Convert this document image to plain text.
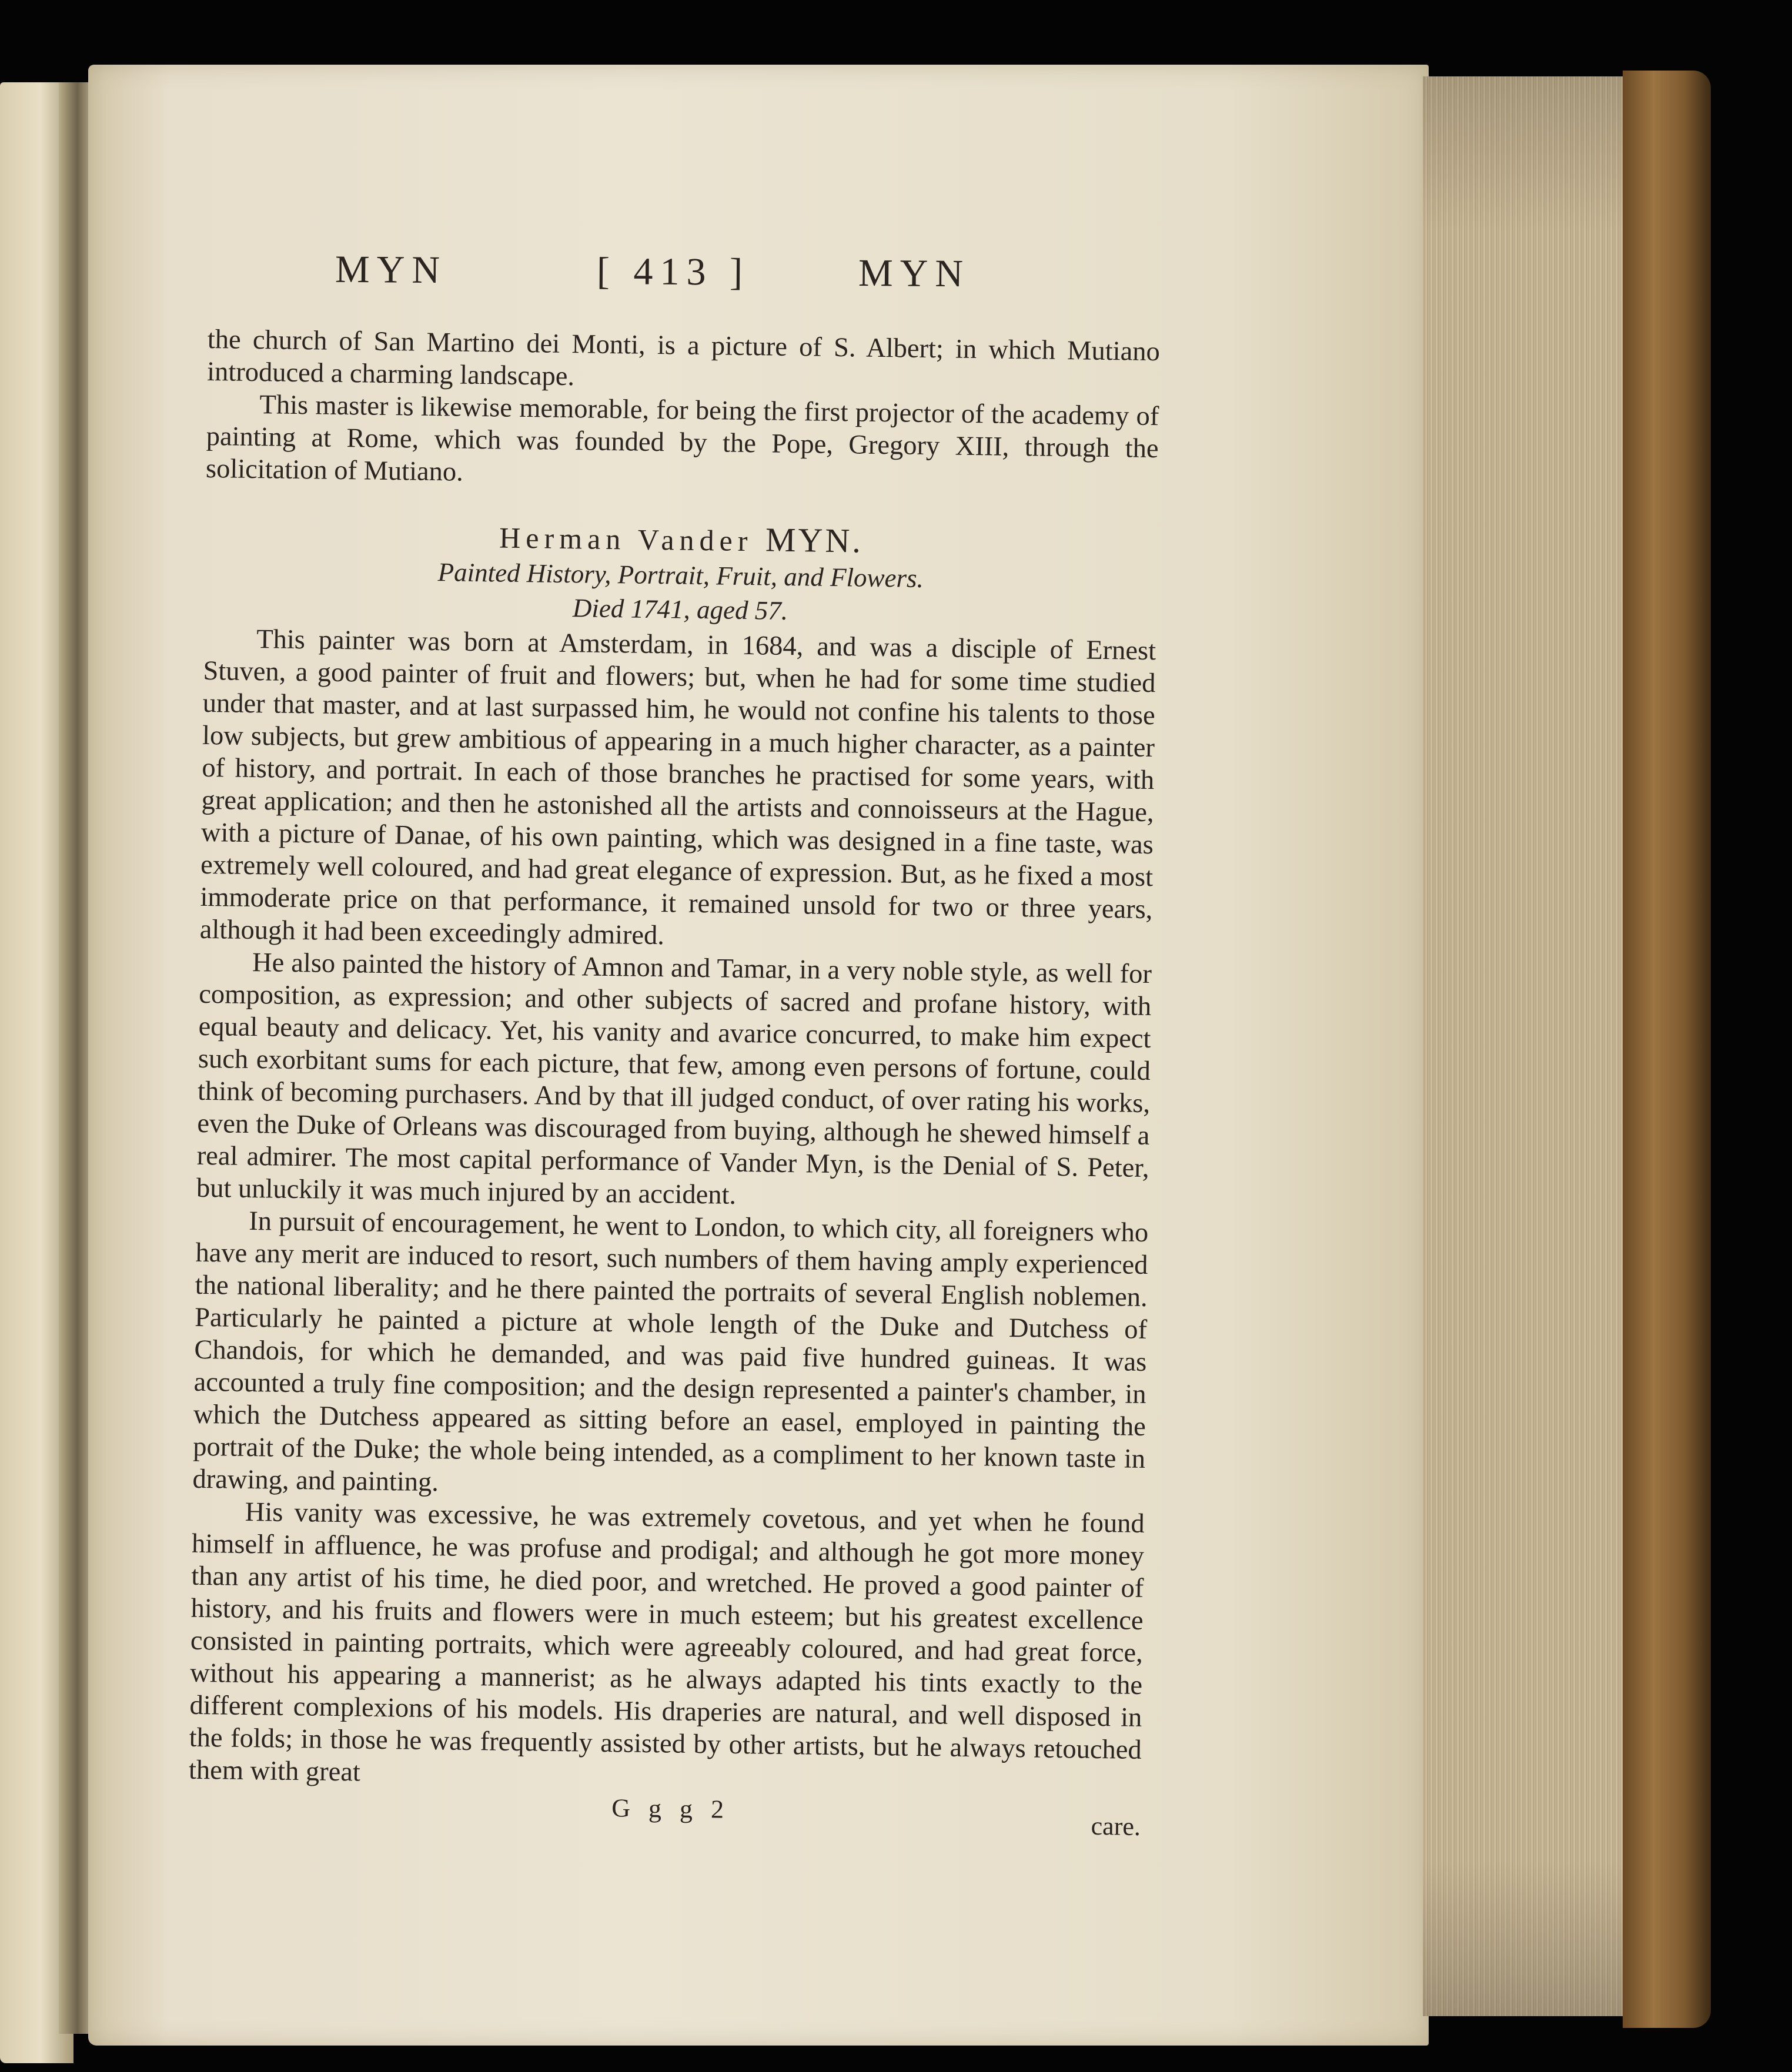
MYN	[ 413 ]	MYN

the church of San Martino dei Monti, is a picture of S. Albert; in which Mutiano introduced a charming landscape.

This master is likewise memorable, for being the first projector of the academy of painting at Rome, which was founded by the Pope, Gregory XIII, through the solicitation of Mutiano.

Herman Vander MYN.
Painted History, Portrait, Fruit, and Flowers.
Died 1741, aged 57.

This painter was born at Amsterdam, in 1684, and was a disciple of Ernest Stuven, a good painter of fruit and flowers; but, when he had for some time studied under that master, and at last surpassed him, he would not confine his talents to those low subjects, but grew ambitious of appearing in a much higher character, as a painter of history, and portrait. In each of those branches he practised for some years, with great application; and then he astonished all the artists and connoisseurs at the Hague, with a picture of Danae, of his own painting, which was designed in a fine taste, was extremely well coloured, and had great elegance of expression. But, as he fixed a most immoderate price on that performance, it remained unsold for two or three years, although it had been exceedingly admired.

He also painted the history of Amnon and Tamar, in a very noble style, as well for composition, as expression; and other subjects of sacred and profane history, with equal beauty and delicacy. Yet, his vanity and avarice concurred, to make him expect such exorbitant sums for each picture, that few, among even persons of fortune, could think of becoming purchasers. And by that ill judged conduct, of over rating his works, even the Duke of Orleans was discouraged from buying, although he shewed himself a real admirer. The most capital performance of Vander Myn, is the Denial of S. Peter, but unluckily it was much injured by an accident.

In pursuit of encouragement, he went to London, to which city, all foreigners who have any merit are induced to resort, such numbers of them having amply experienced the national liberality; and he there painted the portraits of several English noblemen. Particularly he painted a picture at whole length of the Duke and Dutchess of Chandois, for which he demanded, and was paid five hundred guineas. It was accounted a truly fine composition; and the design represented a painter's chamber, in which the Dutchess appeared as sitting before an easel, employed in painting the portrait of the Duke; the whole being intended, as a compliment to her known taste in drawing, and painting.

His vanity was excessive, he was extremely covetous, and yet when he found himself in affluence, he was profuse and prodigal; and although he got more money than any artist of his time, he died poor, and wretched. He proved a good painter of history, and his fruits and flowers were in much esteem; but his greatest excellence consisted in painting portraits, which were agreeably coloured, and had great force, without his appearing a mannerist; as he always adapted his tints exactly to the different complexions of his models. His draperies are natural, and well disposed in the folds; in those he was frequently assisted by other artists, but he always retouched them with great

G g g 2
care.
